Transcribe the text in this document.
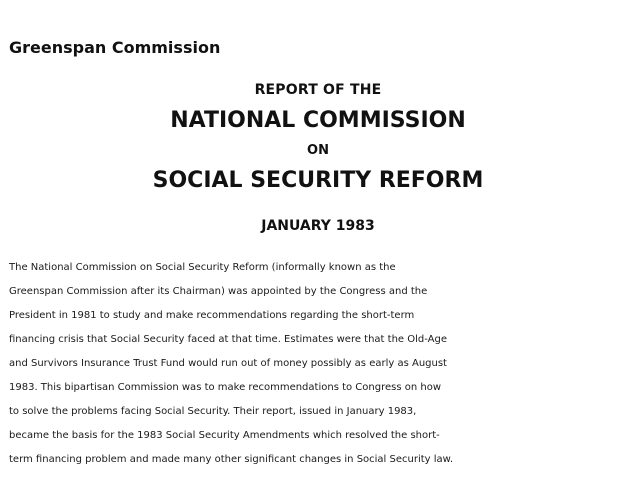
Greenspan Commission
REPORT OF THE
NATIONAL COMMISSION
ON
SOCIAL SECURITY REFORM
JANUARY 1983

The National Commission on Social Security Reform (informally known as the
Greenspan Commission after its Chairman) was appointed by the Congress and the
President in 1981 to study and make recommendations regarding the short-term
financing crisis that Social Security faced at that time. Estimates were that the Old-Age
and Survivors Insurance Trust Fund would run out of money possibly as early as August
1983. This bipartisan Commission was to make recommendations to Congress on how
to solve the problems facing Social Security. Their report, issued in January 1983,
became the basis for the 1983 Social Security Amendments which resolved the short-
term financing problem and made many other significant changes in Social Security law.
